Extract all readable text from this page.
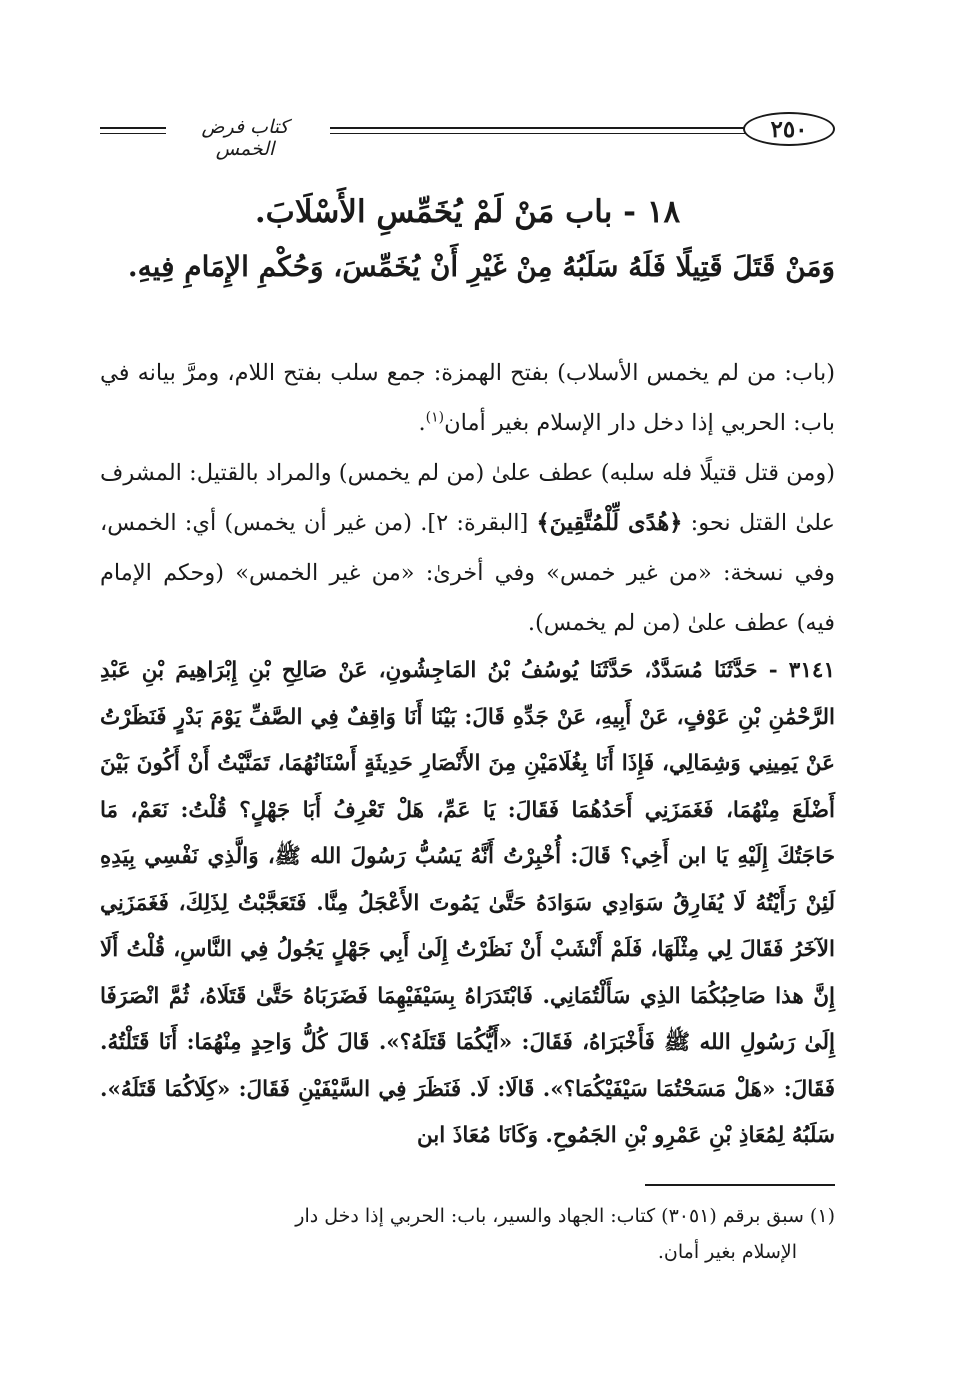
كتاب فرض الخمس
٢٥٠
١٨ - باب مَنْ لَمْ يُخَمِّسِ الأَسْلَابَ.
وَمَنْ قَتَلَ قَتِيلًا فَلَهُ سَلَبُهُ مِنْ غَيْرِ أَنْ يُخَمِّسَ، وَحُكْمِ الإِمَامِ فِيهِ.

(باب: من لم يخمس الأسلاب) بفتح الهمزة: جمع سلب بفتح اللام، ومرَّ بيانه في باب: الحربي إذا دخل دار الإسلام بغير أمان$^{(١)}$.

(ومن قتل قتيلًا فله سلبه) عطف علىٰ (من لم يخمس) والمراد بالقتيل: المشرف علىٰ القتل نحو: ﴿هُدًى لِّلْمُتَّقِينَ﴾ [البقرة: ٢]. (من غير أن يخمس) أي: الخمس، وفي نسخة: «من غير خمس» وفي أخرىٰ: «من غير الخمس» (وحكم الإمام فيه) عطف علىٰ (من لم يخمس).

٣١٤١ - حَدَّثَنَا مُسَدَّدٌ، حَدَّثَنَا يُوسُفُ بْنُ المَاجِشُونِ، عَنْ صَالِحِ بْنِ إِبْرَاهِيمَ بْنِ عَبْدِ الرَّحْمَٰنِ بْنِ عَوْفٍ، عَنْ أَبِيهِ، عَنْ جَدِّهِ قَالَ: بَيْنَا أَنَا وَاقِفٌ فِي الصَّفِّ يَوْمَ بَدْرٍ فَنَظَرْتُ عَنْ يَمِينِي وَشِمَالِي، فَإِذَا أَنَا بِغُلَامَيْنِ مِنَ الأَنْصَارِ حَدِيثَةٍ أَسْنَانُهُمَا، تَمَنَّيْتُ أَنْ أَكُونَ بَيْنَ أَضْلَعَ مِنْهُمَا، فَغَمَزَنِي أَحَدُهُمَا فَقَالَ: يَا عَمِّ، هَلْ تَعْرِفُ أَبَا جَهْلٍ؟ قُلْتُ: نَعَمْ، مَا حَاجَتُكَ إِلَيْهِ يَا ابن أَخِي؟ قَالَ: أُخْبِرْتُ أَنَّهُ يَسُبُّ رَسُولَ الله ﷺ، وَالَّذِي نَفْسِي بِيَدِهِ لَئِنْ رَأَيْتُهُ لَا يُفَارِقُ سَوَادِي سَوَادَهُ حَتَّىٰ يَمُوتَ الأَعْجَلُ مِنَّا. فَتَعَجَّبْتُ لِذَلِكَ، فَغَمَزَنِي الآخَرُ فَقَالَ لِي مِثْلَهَا، فَلَمْ أَنْشَبْ أَنْ نَظَرْتُ إِلَىٰ أَبِي جَهْلٍ يَجُولُ فِي النَّاسِ، قُلْتُ أَلَا إِنَّ هذا صَاحِبُكُمَا الذِي سَأَلْتُمَانِي. فَابْتَدَرَاهُ بِسَيْفَيْهِمَا فَضَرَبَاهُ حَتَّىٰ قَتَلَاهُ، ثُمَّ انْصَرَفَا إِلَىٰ رَسُولِ الله ﷺ فَأَخْبَرَاهُ، فَقَالَ: «أَيُّكُمَا قَتَلَهُ؟». قَالَ كُلُّ وَاحِدٍ مِنْهُمَا: أَنَا قَتَلْتُهُ. فَقَالَ: «هَلْ مَسَحْتُمَا سَيْفَيْكُمَا؟». قَالَا: لَا. فَنَظَرَ فِي السَّيْفَيْنِ فَقَالَ: «كِلَاكُمَا قَتَلَهُ». سَلَبُهُ لِمُعَاذِ بْنِ عَمْرِو بْنِ الجَمُوحِ. وَكَانَا مُعَاذَ ابن

(١) سبق برقم (٣٠٥١) كتاب: الجهاد والسير، باب: الحربي إذا دخل دار

الإسلام بغير أمان.
